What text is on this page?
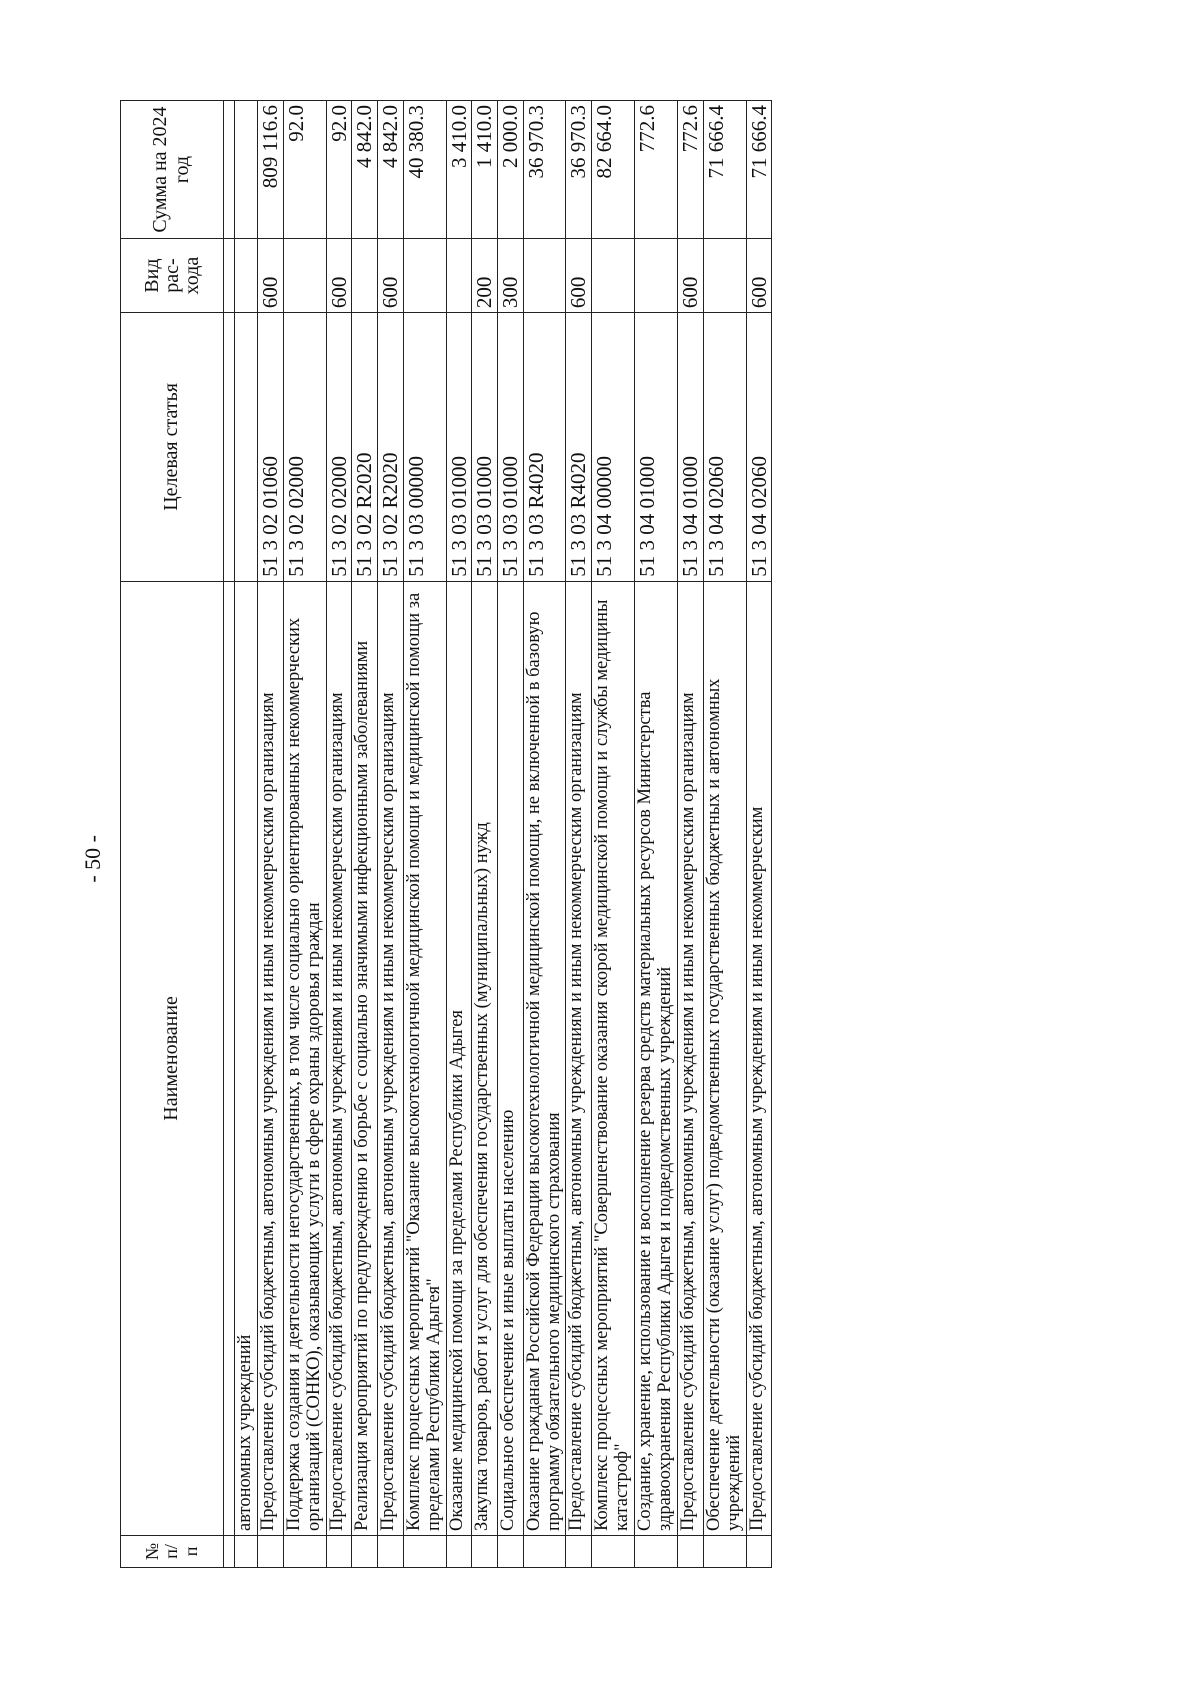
- 50 -
№ п/п	Наименование	Целевая статья	Вид рас-хода	Сумма на 2024 год

	автономных учреждений			
	Предоставление субсидий бюджетным, автономным учреждениям и иным некоммерческим организациям	51 3 02 01060	600	809 116.6
	Поддержка создания и деятельности негосударственных, в том числе социально ориентированных некоммерческих организаций (СОНКО), оказывающих услуги в сфере охраны здоровья граждан	51 3 02 02000		92.0
	Предоставление субсидий бюджетным, автономным учреждениям и иным некоммерческим организациям	51 3 02 02000	600	92.0
	Реализация мероприятий по предупреждению и борьбе с социально значимыми инфекционными заболеваниями	51 3 02 R2020		4 842.0
	Предоставление субсидий бюджетным, автономным учреждениям и иным некоммерческим организациям	51 3 02 R2020	600	4 842.0
	Комплекс процессных мероприятий "Оказание высокотехнологичной медицинской помощи и медицинской помощи за пределами Республики Адыгея"	51 3 03 00000		40 380.3
	Оказание медицинской помощи за пределами Республики Адыгея	51 3 03 01000		3 410.0
	Закупка товаров, работ и услуг для обеспечения государственных (муниципальных) нужд	51 3 03 01000	200	1 410.0
	Социальное обеспечение и иные выплаты населению	51 3 03 01000	300	2 000.0
	Оказание гражданам Российской Федерации высокотехнологичной медицинской помощи, не включенной в базовую программу обязательного медицинского страхования	51 3 03 R4020		36 970.3
	Предоставление субсидий бюджетным, автономным учреждениям и иным некоммерческим организациям	51 3 03 R4020	600	36 970.3
	Комплекс процессных мероприятий "Совершенствование оказания скорой медицинской помощи и службы медицины катастроф"	51 3 04 00000		82 664.0
	Создание, хранение, использование и восполнение резерва средств материальных ресурсов Министерства здравоохранения Республики Адыгея и подведомственных учреждений	51 3 04 01000		772.6
	Предоставление субсидий бюджетным, автономным учреждениям и иным некоммерческим организациям	51 3 04 01000	600	772.6
	Обеспечение деятельности (оказание услуг) подведомственных государственных бюджетных и автономных учреждений	51 3 04 02060		71 666.4
	Предоставление субсидий бюджетным, автономным учреждениям и иным некоммерческим	51 3 04 02060	600	71 666.4
